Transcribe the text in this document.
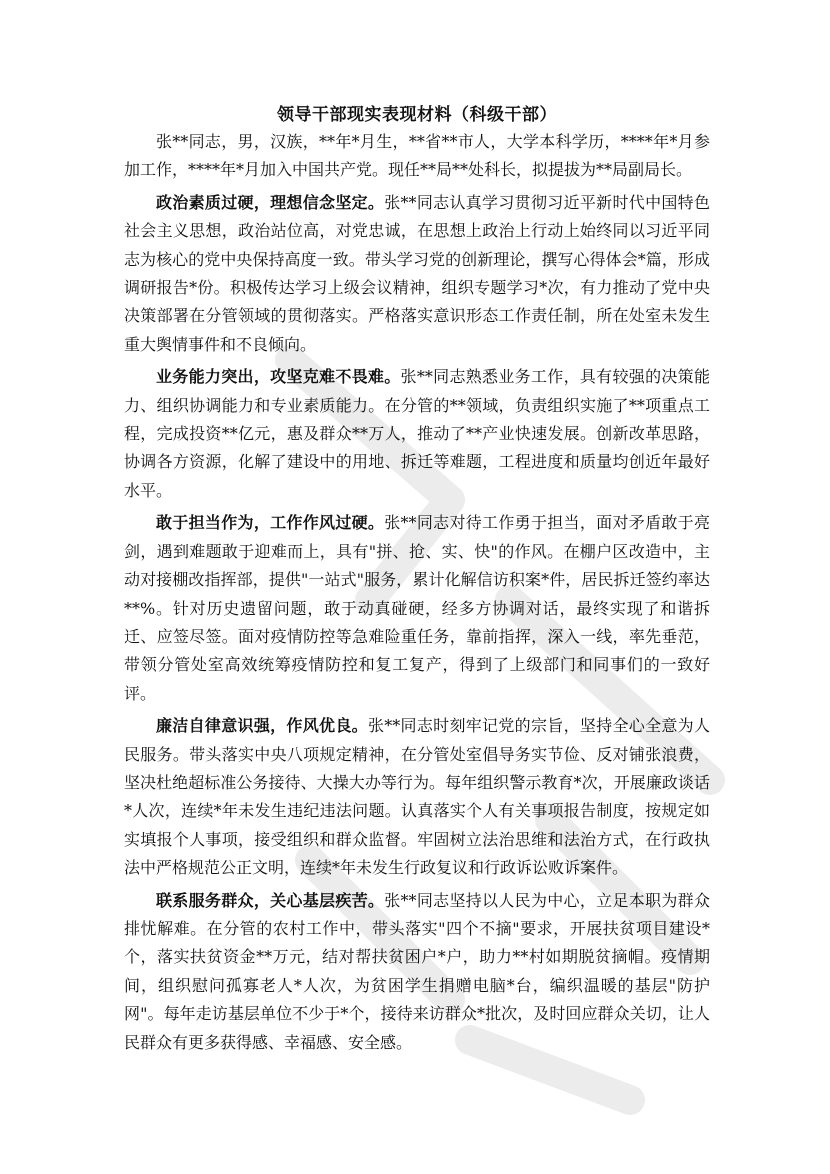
领导干部现实表现材料（科级干部）

张**同志，男，汉族，**年*月生，**省**市人，大学本科学历，****年*月参加工作，****年*月加入中国共产党。现任**局**处科长，拟提拔为**局副局长。

政治素质过硬，理想信念坚定。张**同志认真学习贯彻习近平新时代中国特色社会主义思想，政治站位高，对党忠诚，在思想上政治上行动上始终同以习近平同志为核心的党中央保持高度一致。带头学习党的创新理论，撰写心得体会*篇，形成调研报告*份。积极传达学习上级会议精神，组织专题学习*次，有力推动了党中央决策部署在分管领域的贯彻落实。严格落实意识形态工作责任制，所在处室未发生重大舆情事件和不良倾向。

业务能力突出，攻坚克难不畏难。张**同志熟悉业务工作，具有较强的决策能力、组织协调能力和专业素质能力。在分管的**领域，负责组织实施了**项重点工程，完成投资**亿元，惠及群众**万人，推动了**产业快速发展。创新改革思路，协调各方资源，化解了建设中的用地、拆迁等难题，工程进度和质量均创近年最好水平。

敢于担当作为，工作作风过硬。张**同志对待工作勇于担当，面对矛盾敢于亮剑，遇到难题敢于迎难而上，具有"拼、抢、实、快"的作风。在棚户区改造中，主动对接棚改指挥部，提供"一站式"服务，累计化解信访积案*件，居民拆迁签约率达**%。针对历史遗留问题，敢于动真碰硬，经多方协调对话，最终实现了和谐拆迁、应签尽签。面对疫情防控等急难险重任务，靠前指挥，深入一线，率先垂范，带领分管处室高效统筹疫情防控和复工复产，得到了上级部门和同事们的一致好评。

廉洁自律意识强，作风优良。张**同志时刻牢记党的宗旨，坚持全心全意为人民服务。带头落实中央八项规定精神，在分管处室倡导务实节俭、反对铺张浪费，坚决杜绝超标准公务接待、大操大办等行为。每年组织警示教育*次，开展廉政谈话*人次，连续*年未发生违纪违法问题。认真落实个人有关事项报告制度，按规定如实填报个人事项，接受组织和群众监督。牢固树立法治思维和法治方式，在行政执法中严格规范公正文明，连续*年未发生行政复议和行政诉讼败诉案件。

联系服务群众，关心基层疾苦。张**同志坚持以人民为中心，立足本职为群众排忧解难。在分管的农村工作中，带头落实"四个不摘"要求，开展扶贫项目建设*个，落实扶贫资金**万元，结对帮扶贫困户*户，助力**村如期脱贫摘帽。疫情期间，组织慰问孤寡老人*人次，为贫困学生捐赠电脑*台，编织温暖的基层"防护网"。每年走访基层单位不少于*个，接待来访群众*批次，及时回应群众关切，让人民群众有更多获得感、幸福感、安全感。
